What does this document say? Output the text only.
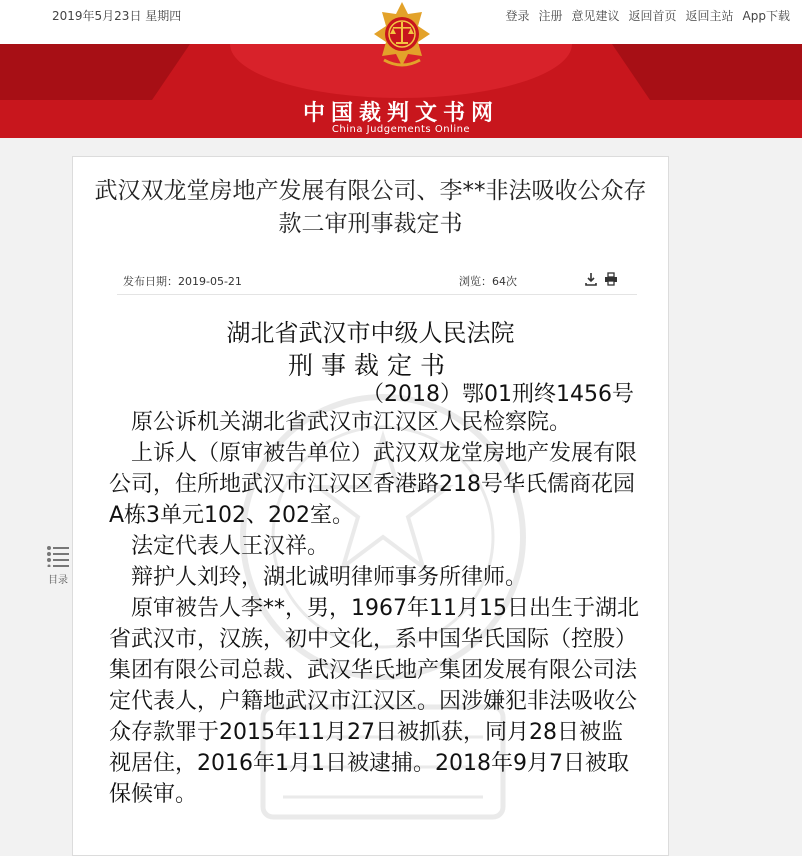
2019年5月23日 星期四	登录 注册 意见建议 返回首页 返回主站 App下载
中国裁判文书网
China Judgements Online
目录
武汉双龙堂房地产发展有限公司、李**非法吸收公众存款二审刑事裁定书
发布日期：2019-05-21	浏览：64次
湖北省武汉市中级人民法院
刑事裁定书
（2018）鄂01刑终1456号

原公诉机关湖北省武汉市江汉区人民检察院。

上诉人（原审被告单位）武汉双龙堂房地产发展有限公司，住所地武汉市江汉区香港路218号华氏儒商花园A栋3单元102、202室。

法定代表人王汉祥。

辩护人刘玲，湖北诚明律师事务所律师。

原审被告人李**，男，1967年11月15日出生于湖北省武汉市，汉族，初中文化，系中国华氏国际（控股）集团有限公司总裁、武汉华氏地产集团发展有限公司法定代表人，户籍地武汉市江汉区。因涉嫌犯非法吸收公众存款罪于2015年11月27日被抓获，同月28日被监视居住，2016年1月1日被逮捕。2018年9月7日被取保候审。
